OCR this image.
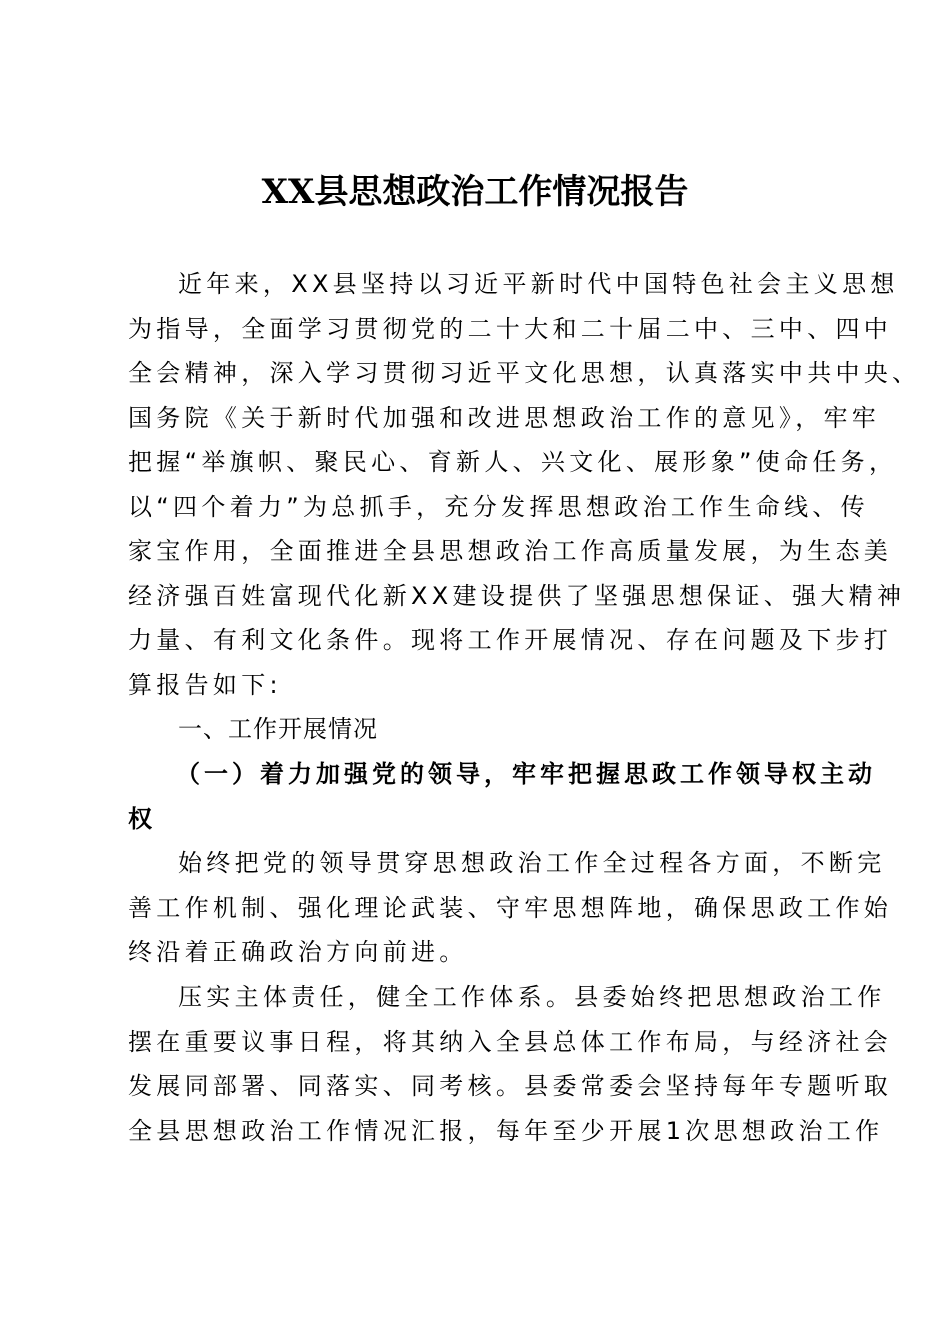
XX县思想政治工作情况报告
近年来，XX县坚持以习近平新时代中国特色社会主义思想
为指导，全面学习贯彻党的二十大和二十届二中、三中、四中
全会精神，深入学习贯彻习近平文化思想，认真落实中共中央、
国务院《关于新时代加强和改进思想政治工作的意见》，牢牢
把握“举旗帜、聚民心、育新人、兴文化、展形象”使命任务，
以“四个着力”为总抓手，充分发挥思想政治工作生命线、传
家宝作用，全面推进全县思想政治工作高质量发展，为生态美
经济强百姓富现代化新XX建设提供了坚强思想保证、强大精神
力量、有利文化条件。现将工作开展情况、存在问题及下步打
算报告如下:
一、工作开展情况
（一）着力加强党的领导，牢牢把握思政工作领导权主动
权
始终把党的领导贯穿思想政治工作全过程各方面，不断完
善工作机制、强化理论武装、守牢思想阵地，确保思政工作始
终沿着正确政治方向前进。
压实主体责任，健全工作体系。县委始终把思想政治工作
摆在重要议事日程，将其纳入全县总体工作布局，与经济社会
发展同部署、同落实、同考核。县委常委会坚持每年专题听取
全县思想政治工作情况汇报，每年至少开展1次思想政治工作
